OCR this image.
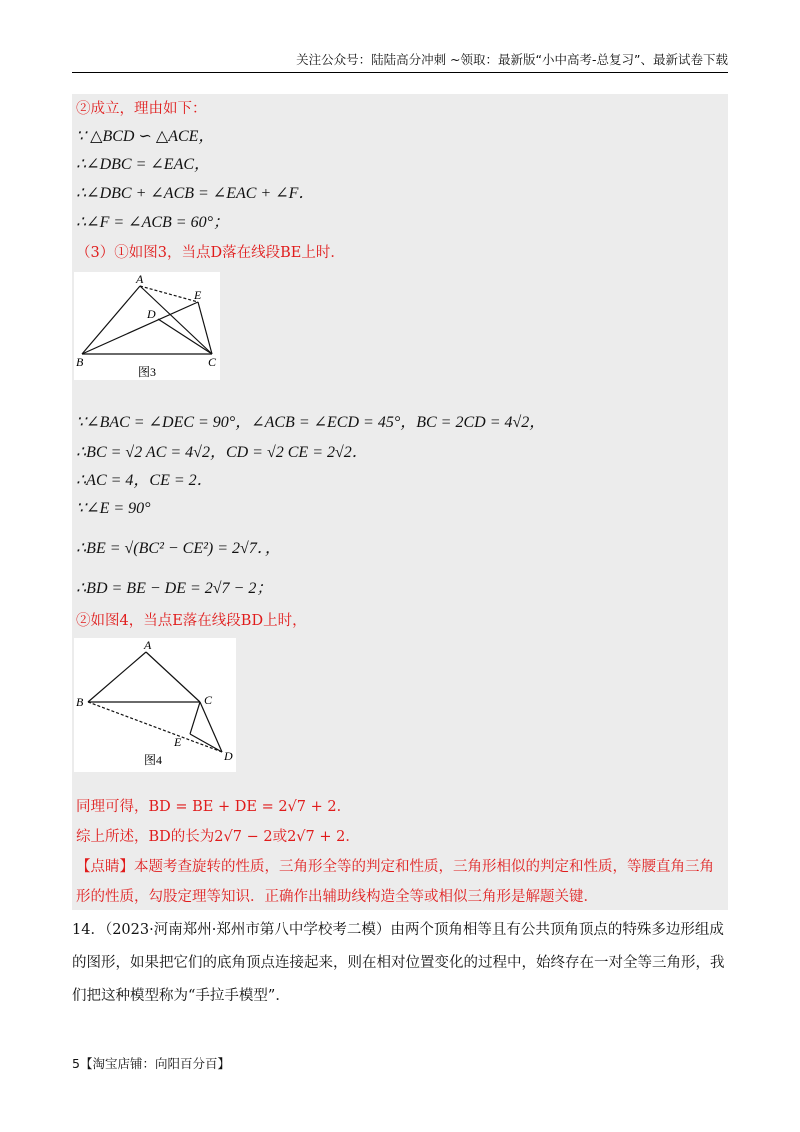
关注公众号：陆陆高分冲刺 ~领取：最新版“小中高考-总复习”、最新试卷下载
②成立，理由如下：
∵ △BCD ∽ △ACE，
∴∠DBC = ∠EAC，
∴∠DBC + ∠ACB = ∠EAC + ∠F．
∴∠F = ∠ACB = 60°；
（3）①如图3，当点D落在线段BE上时．
A
E
D
B	C
图3
∵∠BAC = ∠DEC = 90°，∠ACB = ∠ECD = 45°，BC = 2CD = 4√2，
∴BC = √2 AC = 4√2，CD = √2 CE = 2√2．
∴AC = 4，CE = 2．
∵∠E = 90°
∴BE = √(BC² − CE²) = 2√7．，
∴BD = BE − DE = 2√7 − 2；
②如图4，当点E落在线段BD上时，
A
B	C
E
D
图4
同理可得，BD = BE + DE = 2√7 + 2．
综上所述，BD的长为2√7 − 2或2√7 + 2．
【点睛】本题考查旋转的性质，三角形全等的判定和性质，三角形相似的判定和性质，等腰直角三角形的性质，勾股定理等知识．正确作出辅助线构造全等或相似三角形是解题关键．
14．（2023·河南郑州·郑州市第八中学校考二模）由两个顶角相等且有公共顶角顶点的特殊多边形组成的图形，如果把它们的底角顶点连接起来，则在相对位置变化的过程中，始终存在一对全等三角形，我们把这种模型称为“手拉手模型”．
5【淘宝店铺：向阳百分百】
